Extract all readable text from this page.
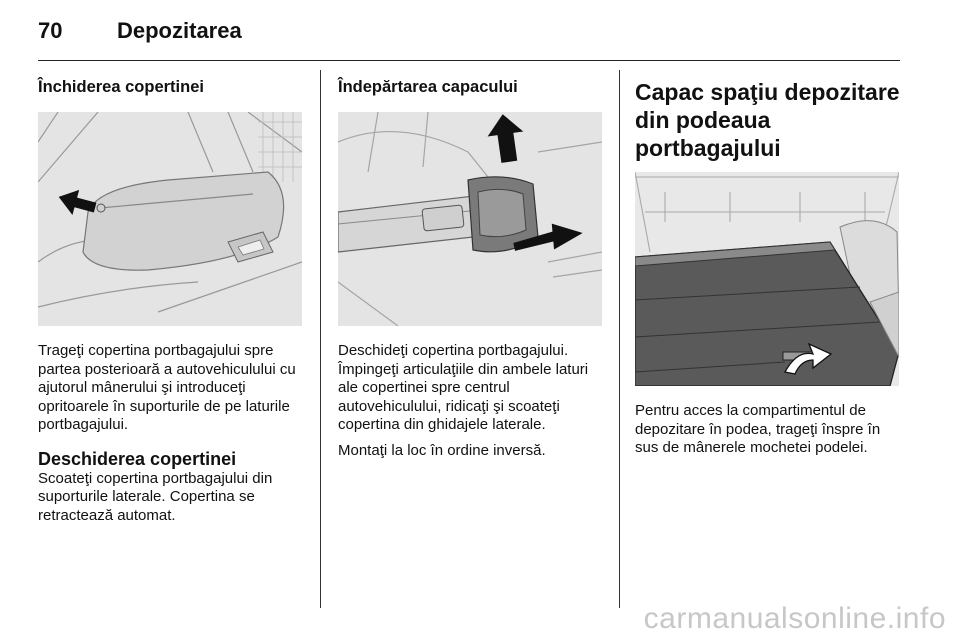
70 Depozitarea
Închiderea copertinei

Trageţi copertina portbagajului spre partea posterioară a autovehiculului cu ajutorul mânerului şi introduceţi opritoarele în suporturile de pe laturile portbagajului.

Deschiderea copertinei

Scoateţi copertina portbagajului din suporturile laterale. Copertina se retractează automat.

Îndepărtarea capacului

Deschideţi copertina portbagajului. Împingeţi articulaţiile din ambele laturi ale copertinei spre centrul autovehiculului, ridicaţi şi scoateţi copertina din ghidajele laterale.

Montaţi la loc în ordine inversă.

Capac spaţiu depozitare
din podeaua portbagajului

Pentru acces la compartimentul de depozitare în podea, trageţi înspre în sus de mânerele mochetei podelei.

carmanualsonline.info
